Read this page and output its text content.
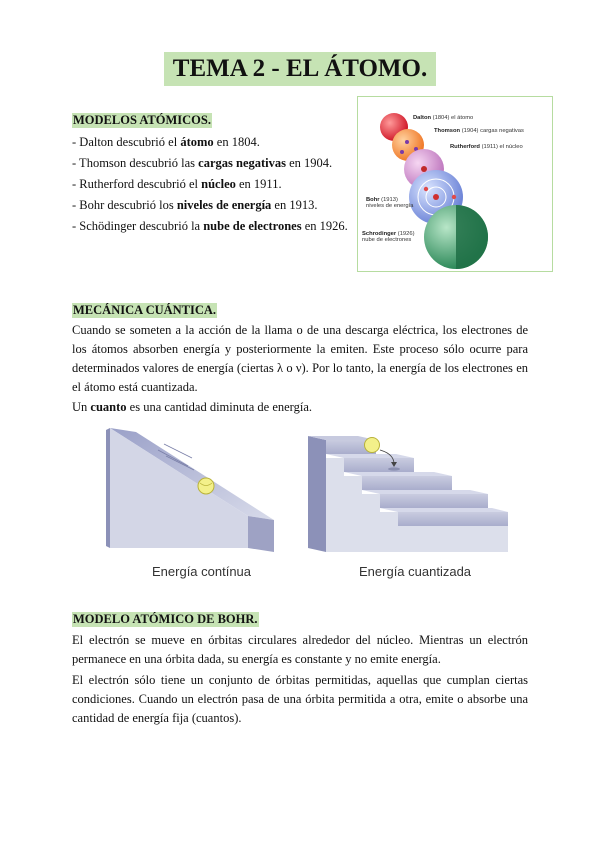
TEMA 2 - EL ÁTOMO.
MODELOS ATÓMICOS.
- Dalton descubrió el átomo en 1804.
- Thomson descubrió las cargas negativas en 1904.
- Rutherford descubrió el núcleo en 1911.
- Bohr descubrió los niveles de energía en 1913.
- Schödinger descubrió la nube de electrones en 1926.
Dalton (1804) el átomo
Thomson (1904) cargas negativas
Rutherford (1911) el núcleo
Bohr (1913)
niveles de energía
Schrodinger (1926)
nube de electrones
MECÁNICA CUÁNTICA.

Cuando se someten a la acción de la llama o de una descarga eléctrica, los electrones de los átomos absorben energía y posteriormente la emiten. Este proceso sólo ocurre para determinados valores de energía (ciertas λ o ν). Por lo tanto, la energía de los electrones en el átomo está cuantizada.

Un cuanto es una cantidad diminuta de energía.

Energía contínua	Energía cuantizada
MODELO ATÓMICO DE BOHR.

El electrón se mueve en órbitas circulares alrededor del núcleo. Mientras un electrón permanece en una órbita dada, su energía es constante y no emite energía.

El electrón sólo tiene un conjunto de órbitas permitidas, aquellas que cumplan ciertas condiciones. Cuando un electrón pasa de una órbita permitida a otra, emite o absorbe una cantidad de energía fija (cuantos).
